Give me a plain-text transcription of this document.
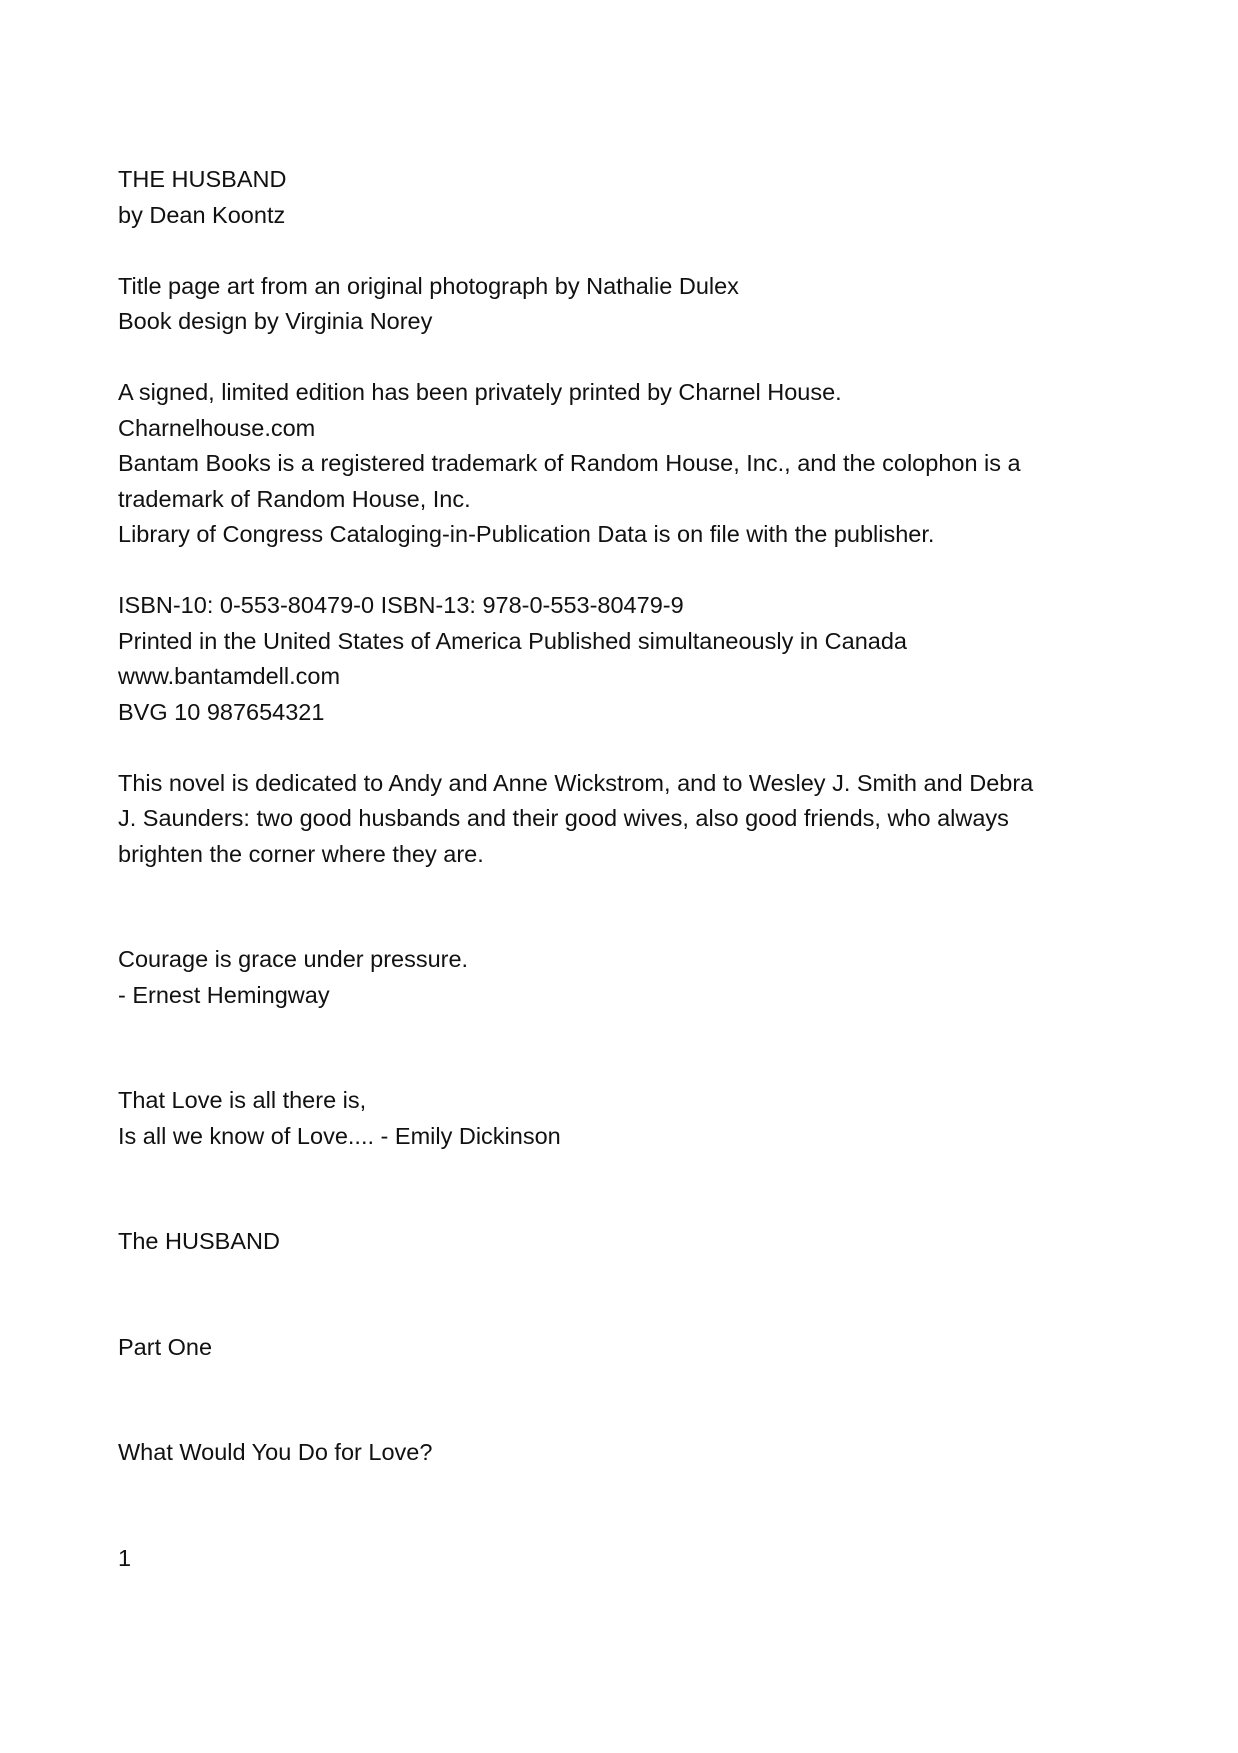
THE HUSBAND
by Dean Koontz
Title page art from an original photograph by Nathalie Dulex
Book design by Virginia Norey
A signed, limited edition has been privately printed by Charnel House.
Charnelhouse.com
Bantam Books is a registered trademark of Random House, Inc., and the colophon is a
trademark of Random House, Inc.
Library of Congress Cataloging-in-Publication Data is on file with the publisher.
ISBN-10: 0-553-80479-0 ISBN-13: 978-0-553-80479-9
Printed in the United States of America Published simultaneously in Canada
www.bantamdell.com
BVG 10 987654321
This novel is dedicated to Andy and Anne Wickstrom, and to Wesley J. Smith and Debra
J. Saunders: two good husbands and their good wives, also good friends, who always
brighten the corner where they are.
Courage is grace under pressure.
- Ernest Hemingway
That Love is all there is,
Is all we know of Love.... - Emily Dickinson
The HUSBAND
Part One
What Would You Do for Love?
1
